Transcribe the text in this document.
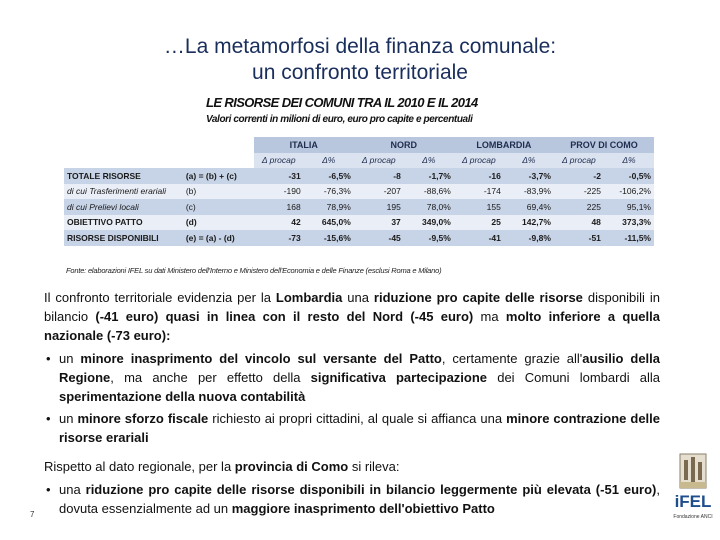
…La metamorfosi della finanza comunale:
un confronto territoriale
LE RISORSE DEI COMUNI TRA IL 2010 E IL 2014
Valori correnti in milioni di euro, euro pro capite e percentuali
		ITALIA		NORD		LOMBARDIA		PROV DI COMO	
		Δ procap	Δ%	Δ procap	Δ%	Δ procap	Δ%	Δ procap	Δ%
TOTALE RISORSE	(a) = (b) + (c)	-31	-6,5%	-8	-1,7%	-16	-3,7%	-2	-0,5%
di cui Trasferimenti erariali	(b)	-190	-76,3%	-207	-88,6%	-174	-83,9%	-225	-106,2%
di cui Prelievi locali	(c)	168	78,9%	195	78,0%	155	69,4%	225	95,1%
OBIETTIVO PATTO	(d)	42	645,0%	37	349,0%	25	142,7%	48	373,3%
RISORSE DISPONIBILI	(e) = (a) - (d)	-73	-15,6%	-45	-9,5%	-41	-9,8%	-51	-11,5%
Fonte: elaborazioni IFEL su dati Ministero dell'Interno e Ministero dell'Economia e delle Finanze (esclusi Roma e Milano)

Il confronto territoriale evidenzia per la Lombardia una riduzione pro capite delle risorse disponibili in bilancio (-41 euro) quasi in linea con il resto del Nord (-45 euro) ma molto inferiore a quella nazionale (-73 euro):

• un minore inasprimento del vincolo sul versante del Patto, certamente grazie all'ausilio della Regione, ma anche per effetto della significativa partecipazione dei Comuni lombardi alla sperimentazione della nuova contabilità
• un minore sforzo fiscale richiesto ai propri cittadini, al quale si affianca una minore contrazione delle risorse erariali

Rispetto al dato regionale, per la provincia di Como si rileva:

• una riduzione pro capite delle risorse disponibili in bilancio leggermente più elevata (-51 euro), dovuta essenzialmente ad un maggiore inasprimento dell'obiettivo Patto
7
iFEL
Fondazione ANCI
